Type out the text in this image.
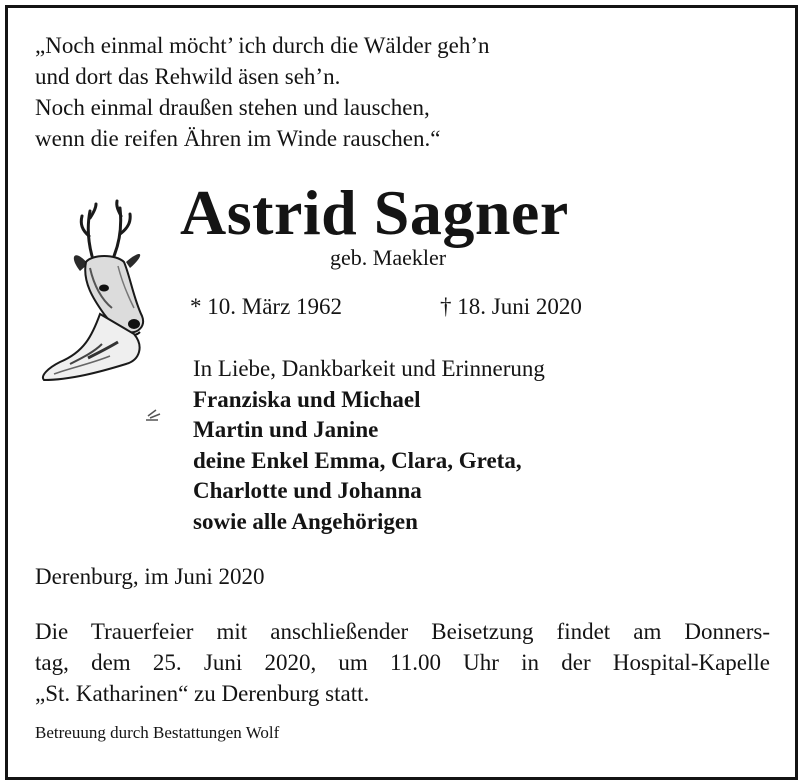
„Noch einmal möcht’ ich durch die Wälder geh’n
und dort das Rehwild äsen seh’n.
Noch einmal draußen stehen und lauschen,
wenn die reifen Ähren im Winde rauschen.“
Astrid Sagner
geb. Maekler
* 10. März 1962	† 18. Juni 2020
In Liebe, Dankbarkeit und Erinnerung
Franziska und Michael
Martin und Janine
deine Enkel Emma, Clara, Greta,
Charlotte und Johanna
sowie alle Angehörigen
Derenburg, im Juni 2020
Die Trauerfeier mit anschließender Beisetzung findet am Donners-
tag, dem 25. Juni 2020, um 11.00 Uhr in der Hospital-Kapelle
„St. Katharinen“ zu Derenburg statt.
Betreuung durch Bestattungen Wolf
